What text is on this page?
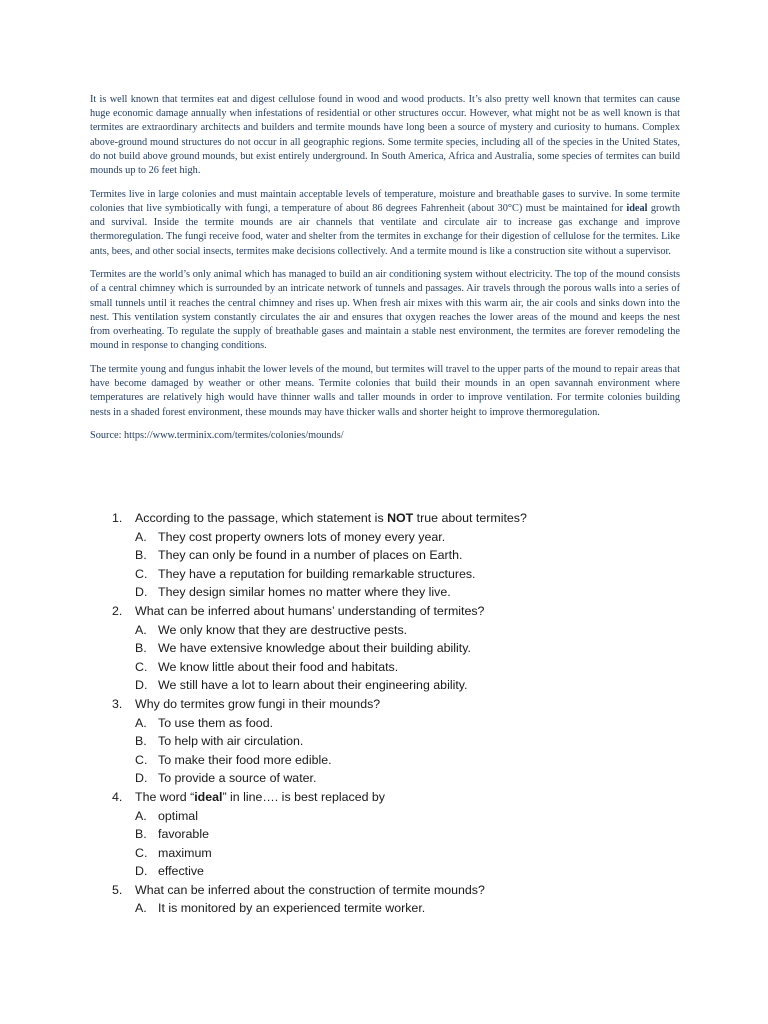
It is well known that termites eat and digest cellulose found in wood and wood products. It’s also pretty well known that termites can cause huge economic damage annually when infestations of residential or other structures occur. However, what might not be as well known is that termites are extraordinary architects and builders and termite mounds have long been a source of mystery and curiosity to humans. Complex above-ground mound structures do not occur in all geographic regions. Some termite species, including all of the species in the United States, do not build above ground mounds, but exist entirely underground. In South America, Africa and Australia, some species of termites can build mounds up to 26 feet high.

Termites live in large colonies and must maintain acceptable levels of temperature, moisture and breathable gases to survive. In some termite colonies that live symbiotically with fungi, a temperature of about 86 degrees Fahrenheit (about 30°C) must be maintained for ideal growth and survival. Inside the termite mounds are air channels that ventilate and circulate air to increase gas exchange and improve thermoregulation. The fungi receive food, water and shelter from the termites in exchange for their digestion of cellulose for the termites. Like ants, bees, and other social insects, termites make decisions collectively. And a termite mound is like a construction site without a supervisor.

Termites are the world’s only animal which has managed to build an air conditioning system without electricity. The top of the mound consists of a central chimney which is surrounded by an intricate network of tunnels and passages. Air travels through the porous walls into a series of small tunnels until it reaches the central chimney and rises up. When fresh air mixes with this warm air, the air cools and sinks down into the nest. This ventilation system constantly circulates the air and ensures that oxygen reaches the lower areas of the mound and keeps the nest from overheating. To regulate the supply of breathable gases and maintain a stable nest environment, the termites are forever remodeling the mound in response to changing conditions.

The termite young and fungus inhabit the lower levels of the mound, but termites will travel to the upper parts of the mound to repair areas that have become damaged by weather or other means. Termite colonies that build their mounds in an open savannah environment where temperatures are relatively high would have thinner walls and taller mounds in order to improve ventilation. For termite colonies building nests in a shaded forest environment, these mounds may have thicker walls and shorter height to improve thermoregulation.

Source: https://www.terminix.com/termites/colonies/mounds/

1.	According to the passage, which statement is NOT true about termites?
A. They cost property owners lots of money every year.
B. They can only be found in a number of places on Earth.
C. They have a reputation for building remarkable structures.
D. They design similar homes no matter where they live.
2.	What can be inferred about humans’ understanding of termites?
A. We only know that they are destructive pests.
B. We have extensive knowledge about their building ability.
C. We know little about their food and habitats.
D. We still have a lot to learn about their engineering ability.
3.	Why do termites grow fungi in their mounds?
A. To use them as food.
B. To help with air circulation.
C. To make their food more edible.
D. To provide a source of water.
4.	The word “ideal” in line…. is best replaced by
A. optimal
B. favorable
C. maximum
D. effective
5.	What can be inferred about the construction of termite mounds?
A. It is monitored by an experienced termite worker.
